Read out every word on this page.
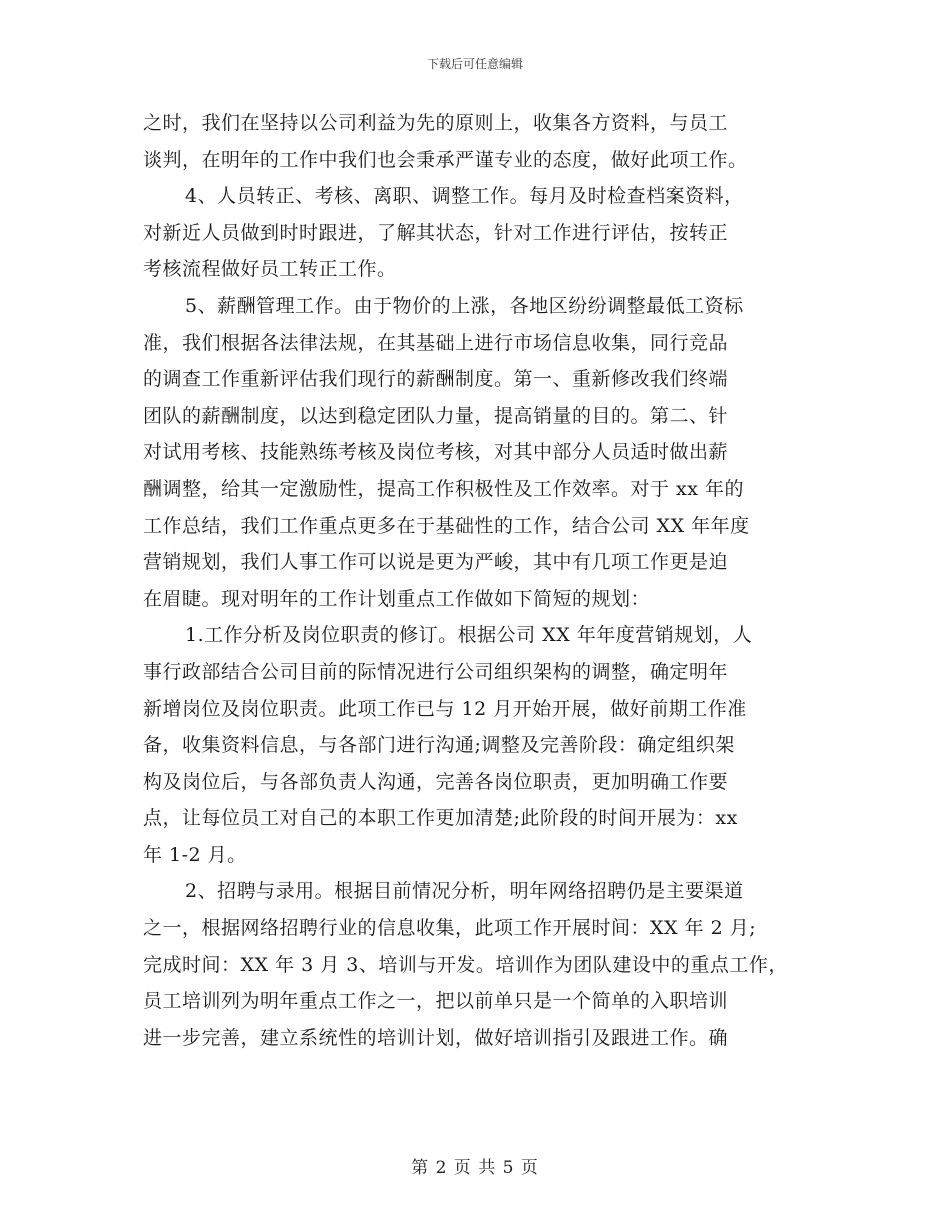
下载后可任意编辑
之时，我们在坚持以公司利益为先的原则上，收集各方资料，与员工
谈判，在明年的工作中我们也会秉承严谨专业的态度，做好此项工作。
4、人员转正、考核、离职、调整工作。每月及时检查档案资料，
对新近人员做到时时跟进，了解其状态，针对工作进行评估，按转正
考核流程做好员工转正工作。
5、薪酬管理工作。由于物价的上涨，各地区纷纷调整最低工资标
准，我们根据各法律法规，在其基础上进行市场信息收集，同行竞品
的调查工作重新评估我们现行的薪酬制度。第一、重新修改我们终端
团队的薪酬制度，以达到稳定团队力量，提高销量的目的。第二、针
对试用考核、技能熟练考核及岗位考核，对其中部分人员适时做出薪
酬调整，给其一定激励性，提高工作积极性及工作效率。对于 xx 年的
工作总结，我们工作重点更多在于基础性的工作，结合公司 XX 年年度
营销规划，我们人事工作可以说是更为严峻，其中有几项工作更是迫
在眉睫。现对明年的工作计划重点工作做如下简短的规划：
1.工作分析及岗位职责的修订。根据公司 XX 年年度营销规划，人
事行政部结合公司目前的际情况进行公司组织架构的调整，确定明年
新增岗位及岗位职责。此项工作已与 12 月开始开展，做好前期工作准
备，收集资料信息，与各部门进行沟通;调整及完善阶段：确定组织架
构及岗位后，与各部负责人沟通，完善各岗位职责，更加明确工作要
点，让每位员工对自己的本职工作更加清楚;此阶段的时间开展为：xx
年 1-2 月。
2、招聘与录用。根据目前情况分析，明年网络招聘仍是主要渠道
之一，根据网络招聘行业的信息收集，此项工作开展时间：XX 年 2 月;
完成时间：XX 年 3 月 3、培训与开发。培训作为团队建设中的重点工作，
员工培训列为明年重点工作之一，把以前单只是一个简单的入职培训
进一步完善，建立系统性的培训计划，做好培训指引及跟进工作。确
第 2 页 共 5 页
